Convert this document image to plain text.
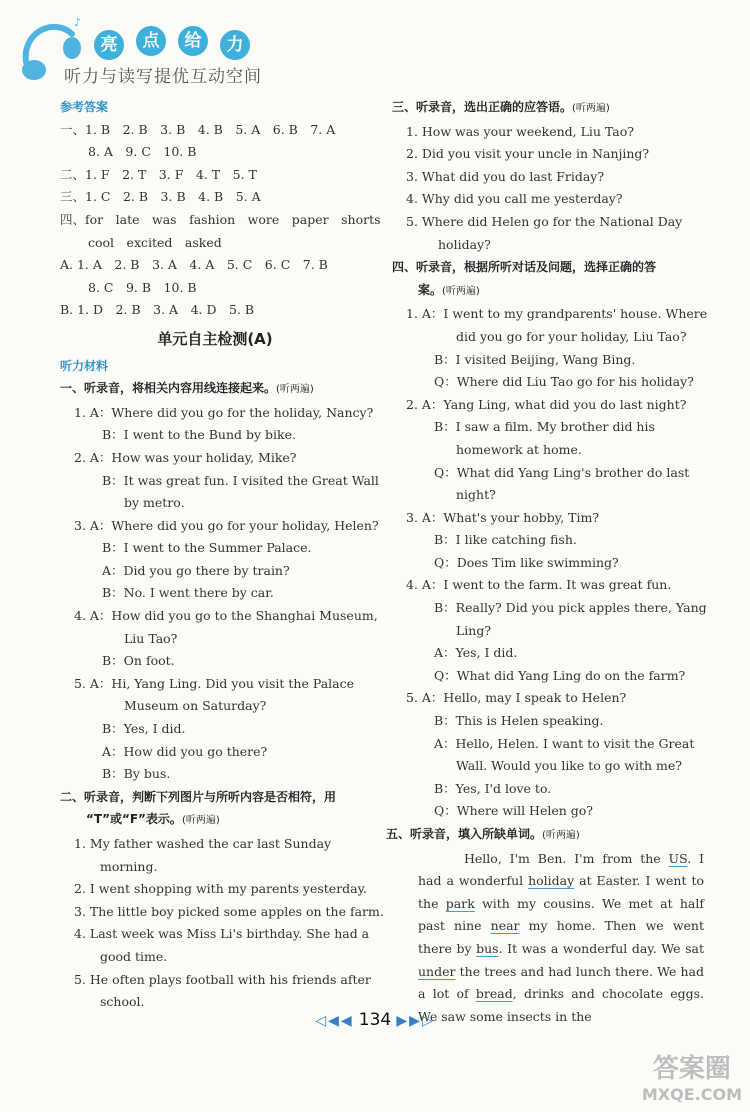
♪
亮	点	给	力
听力与读写提优互动空间
参考答案
一、1. B　2. B　3. B　4. B　5. A　6. B　7. A
8. A　9. C　10. B
二、1. F　2. T　3. F　4. T　5. T
三、1. C　2. B　3. B　4. B　5. A
四、for　late　was　fashion　wore　paper　shorts
cool　excited　asked
A. 1. A　2. B　3. A　4. A　5. C　6. C　7. B
8. C　9. B　10. B
B. 1. D　2. B　3. A　4. D　5. B
单元自主检测(A)
听力材料
一、听录音，将相关内容用线连接起来。(听两遍)
1. A：Where did you go for the holiday, Nancy?
B：I went to the Bund by bike.
2. A：How was your holiday, Mike?
B：It was great fun. I visited the Great Wall
by metro.
3. A：Where did you go for your holiday, Helen?
B：I went to the Summer Palace.
A：Did you go there by train?
B：No. I went there by car.
4. A：How did you go to the Shanghai Museum,
Liu Tao?
B：On foot.
5. A：Hi, Yang Ling. Did you visit the Palace
Museum on Saturday?
B：Yes, I did.
A：How did you go there?
B：By bus.
二、听录音，判断下列图片与所听内容是否相符，用
“T”或“F”表示。(听两遍)
1. My father washed the car last Sunday
morning.
2. I went shopping with my parents yesterday.
3. The little boy picked some apples on the farm.
4. Last week was Miss Li's birthday. She had a
good time.
5. He often plays football with his friends after
school.
三、听录音，选出正确的应答语。(听两遍)
1. How was your weekend, Liu Tao?
2. Did you visit your uncle in Nanjing?
3. What did you do last Friday?
4. Why did you call me yesterday?
5. Where did Helen go for the National Day
holiday?
四、听录音，根据所听对话及问题，选择正确的答
案。(听两遍)
1. A：I went to my grandparents' house. Where
did you go for your holiday, Liu Tao?
B：I visited Beijing, Wang Bing.
Q：Where did Liu Tao go for his holiday?
2. A：Yang Ling, what did you do last night?
B：I saw a film. My brother did his
homework at home.
Q：What did Yang Ling's brother do last
night?
3. A：What's your hobby, Tim?
B：I like catching fish.
Q：Does Tim like swimming?
4. A：I went to the farm. It was great fun.
B：Really? Did you pick apples there, Yang
Ling?
A：Yes, I did.
Q：What did Yang Ling do on the farm?
5. A：Hello, may I speak to Helen?
B：This is Helen speaking.
A：Hello, Helen. I want to visit the Great
Wall. Would you like to go with me?
B：Yes, I'd love to.
Q：Where will Helen go?
五、听录音，填入所缺单词。(听两遍)
Hello, I'm Ben. I'm from the US. I had a wonderful holiday at Easter. I went to the park with my cousins. We met at half past nine near my home. Then we went there by bus. It was a wonderful day. We sat under the trees and had lunch there. We had a lot of bread, drinks and chocolate eggs. We saw some insects in the
◁◀◀ 134 ▶▶▷
答案圈
MXQE.COM
